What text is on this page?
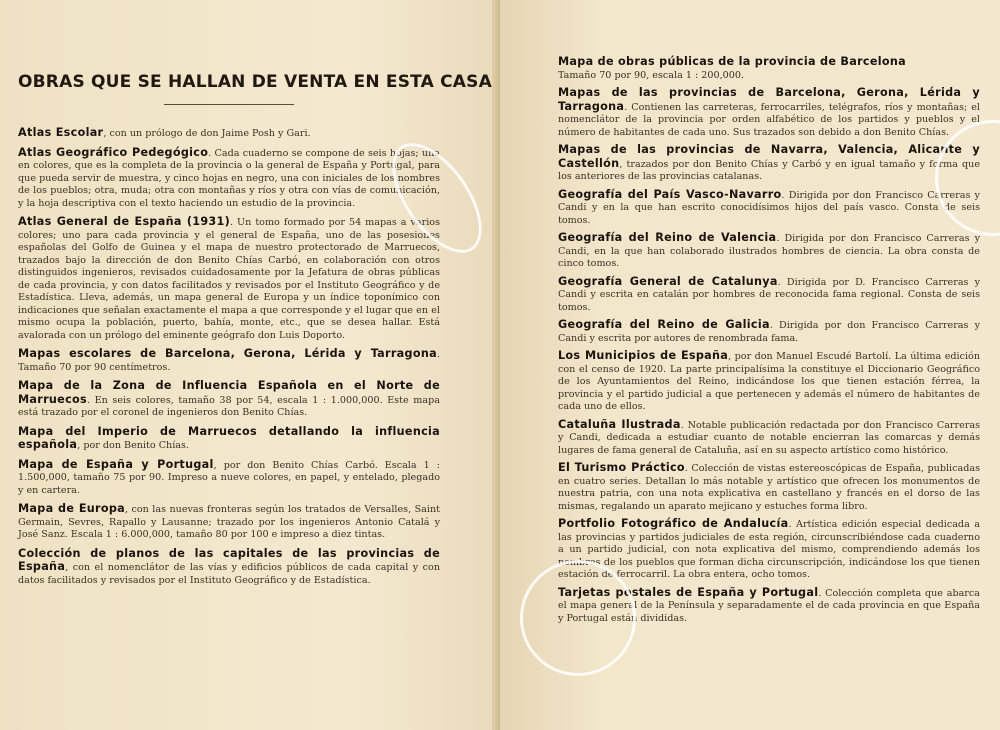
OBRAS QUE SE HALLAN DE VENTA EN ESTA CASA

Atlas Escolar, con un prólogo de don Jaime Posh y Gari.

Atlas Geográfico Pedegógico. Cada cuaderno se compone de seis hojas; una en colores, que es la completa de la provincia o la general de España y Portugal, para que pueda servir de muestra, y cinco hojas en negro, una con iniciales de los nombres de los pueblos; otra, muda; otra con montañas y ríos y otra con vías de comunicación, y la hoja descriptiva con el texto haciendo un estudio de la provincia.

Atlas General de España (1931). Un tomo formado por 54 mapas a varios colores; uno para cada provincia y el general de España, uno de las posesiones españolas del Golfo de Guinea y el mapa de nuestro protectorado de Marruecos, trazados bajo la dirección de don Benito Chías Carbó, en colaboración con otros distinguidos ingenieros, revisados cuidadosamente por la Jefatura de obras públicas de cada provincia, y con datos facilitados y revisados por el Instituto Geográfico y de Estadística. Lleva, además, un mapa general de Europa y un índice toponímico con indicaciones que señalan exactamente el mapa a que corresponde y el lugar que en el mismo ocupa la población, puerto, bahía, monte, etc., que se desea hallar. Está avalorada con un prólogo del eminente geógrafo don Luis Doporto.

Mapas escolares de Barcelona, Gerona, Lérida y Tarragona. Tamaño 70 por 90 centímetros.

Mapa de la Zona de Influencia Española en el Norte de Marruecos. En seis colores, tamaño 38 por 54, escala 1 : 1.000,000. Este mapa está trazado por el coronel de ingenieros don Benito Chías.

Mapa del Imperio de Marruecos detallando la influencia española, por don Benito Chías.

Mapa de España y Portugal, por don Benito Chías Carbó. Escala 1 : 1.500,000, tamaño 75 por 90. Impreso a nueve colores, en papel, y entelado, plegado y en cartera.

Mapa de Europa, con las nuevas fronteras según los tratados de Versalles, Saint Germain, Sevres, Rapallo y Lausanne; trazado por los ingenieros Antonio Catalá y José Sanz. Escala 1 : 6.000,000, tamaño 80 por 100 e impreso a diez tintas.

Colección de planos de las capitales de las provincias de España, con el nomenclátor de las vías y edificios públicos de cada capital y con datos facilitados y revisados por el Instituto Geográfico y de Estadística.

Mapa de obras públicas de la provincia de Barcelona
Tamaño 70 por 90, escala 1 : 200,000.

Mapas de las provincias de Barcelona, Gerona, Lérida y Tarragona. Contienen las carreteras, ferrocarriles, telégrafos, ríos y montañas; el nomenclátor de la provincia por orden alfabético de los partidos y pueblos y el número de habitantes de cada uno. Sus trazados son debido a don Benito Chías.

Mapas de las provincias de Navarra, Valencia, Alicante y Castellón, trazados por don Benito Chías y Carbó y en igual tamaño y forma que los anteriores de las provincias catalanas.

Geografía del País Vasco-Navarro. Dirigida por don Francisco Carreras y Candi y en la que han escrito conocidísimos hijos del país vasco. Consta de seis tomos.

Geografía del Reino de Valencia. Dirigida por don Francisco Carreras y Candi, en la que han colaborado ilustrados hombres de ciencia. La obra consta de cinco tomos.

Geografía General de Catalunya. Dirigida por D. Francisco Carreras y Candi y escrita en catalán por hombres de reconocida fama regional. Consta de seis tomos.

Geografía del Reino de Galicia. Dirigida por don Francisco Carreras y Candi y escrita por autores de renombrada fama.

Los Municipios de España, por don Manuel Escudé Bartolí. La última edición con el censo de 1920. La parte principalísima la constituye el Diccionario Geográfico de los Ayuntamientos del Reino, indicándose los que tienen estación férrea, la provincia y el partido judicial a que pertenecen y además el número de habitantes de cada uno de ellos.

Cataluña Ilustrada. Notable publicación redactada por don Francisco Carreras y Candi, dedicada a estudiar cuanto de notable encierran las comarcas y demás lugares de fama general de Cataluña, así en su aspecto artístico como histórico.

El Turismo Práctico. Colección de vistas estereoscópicas de España, publicadas en cuatro series. Detallan lo más notable y artístico que ofrecen los monumentos de nuestra patria, con una nota explicativa en castellano y francés en el dorso de las mismas, regalando un aparato mejicano y estuches forma libro.

Portfolio Fotográfico de Andalucía. Artística edición especial dedicada a las provincias y partidos judiciales de esta región, circunscribiéndose cada cuaderno a un partido judicial, con nota explicativa del mismo, comprendiendo además los nombres de los pueblos que forman dicha circunscripción, indicándose los que tienen estación de ferrocarril. La obra entera, ocho tomos.

Tarjetas postales de España y Portugal. Colección completa que abarca el mapa general de la Península y separadamente el de cada provincia en que España y Portugal están divididas.
